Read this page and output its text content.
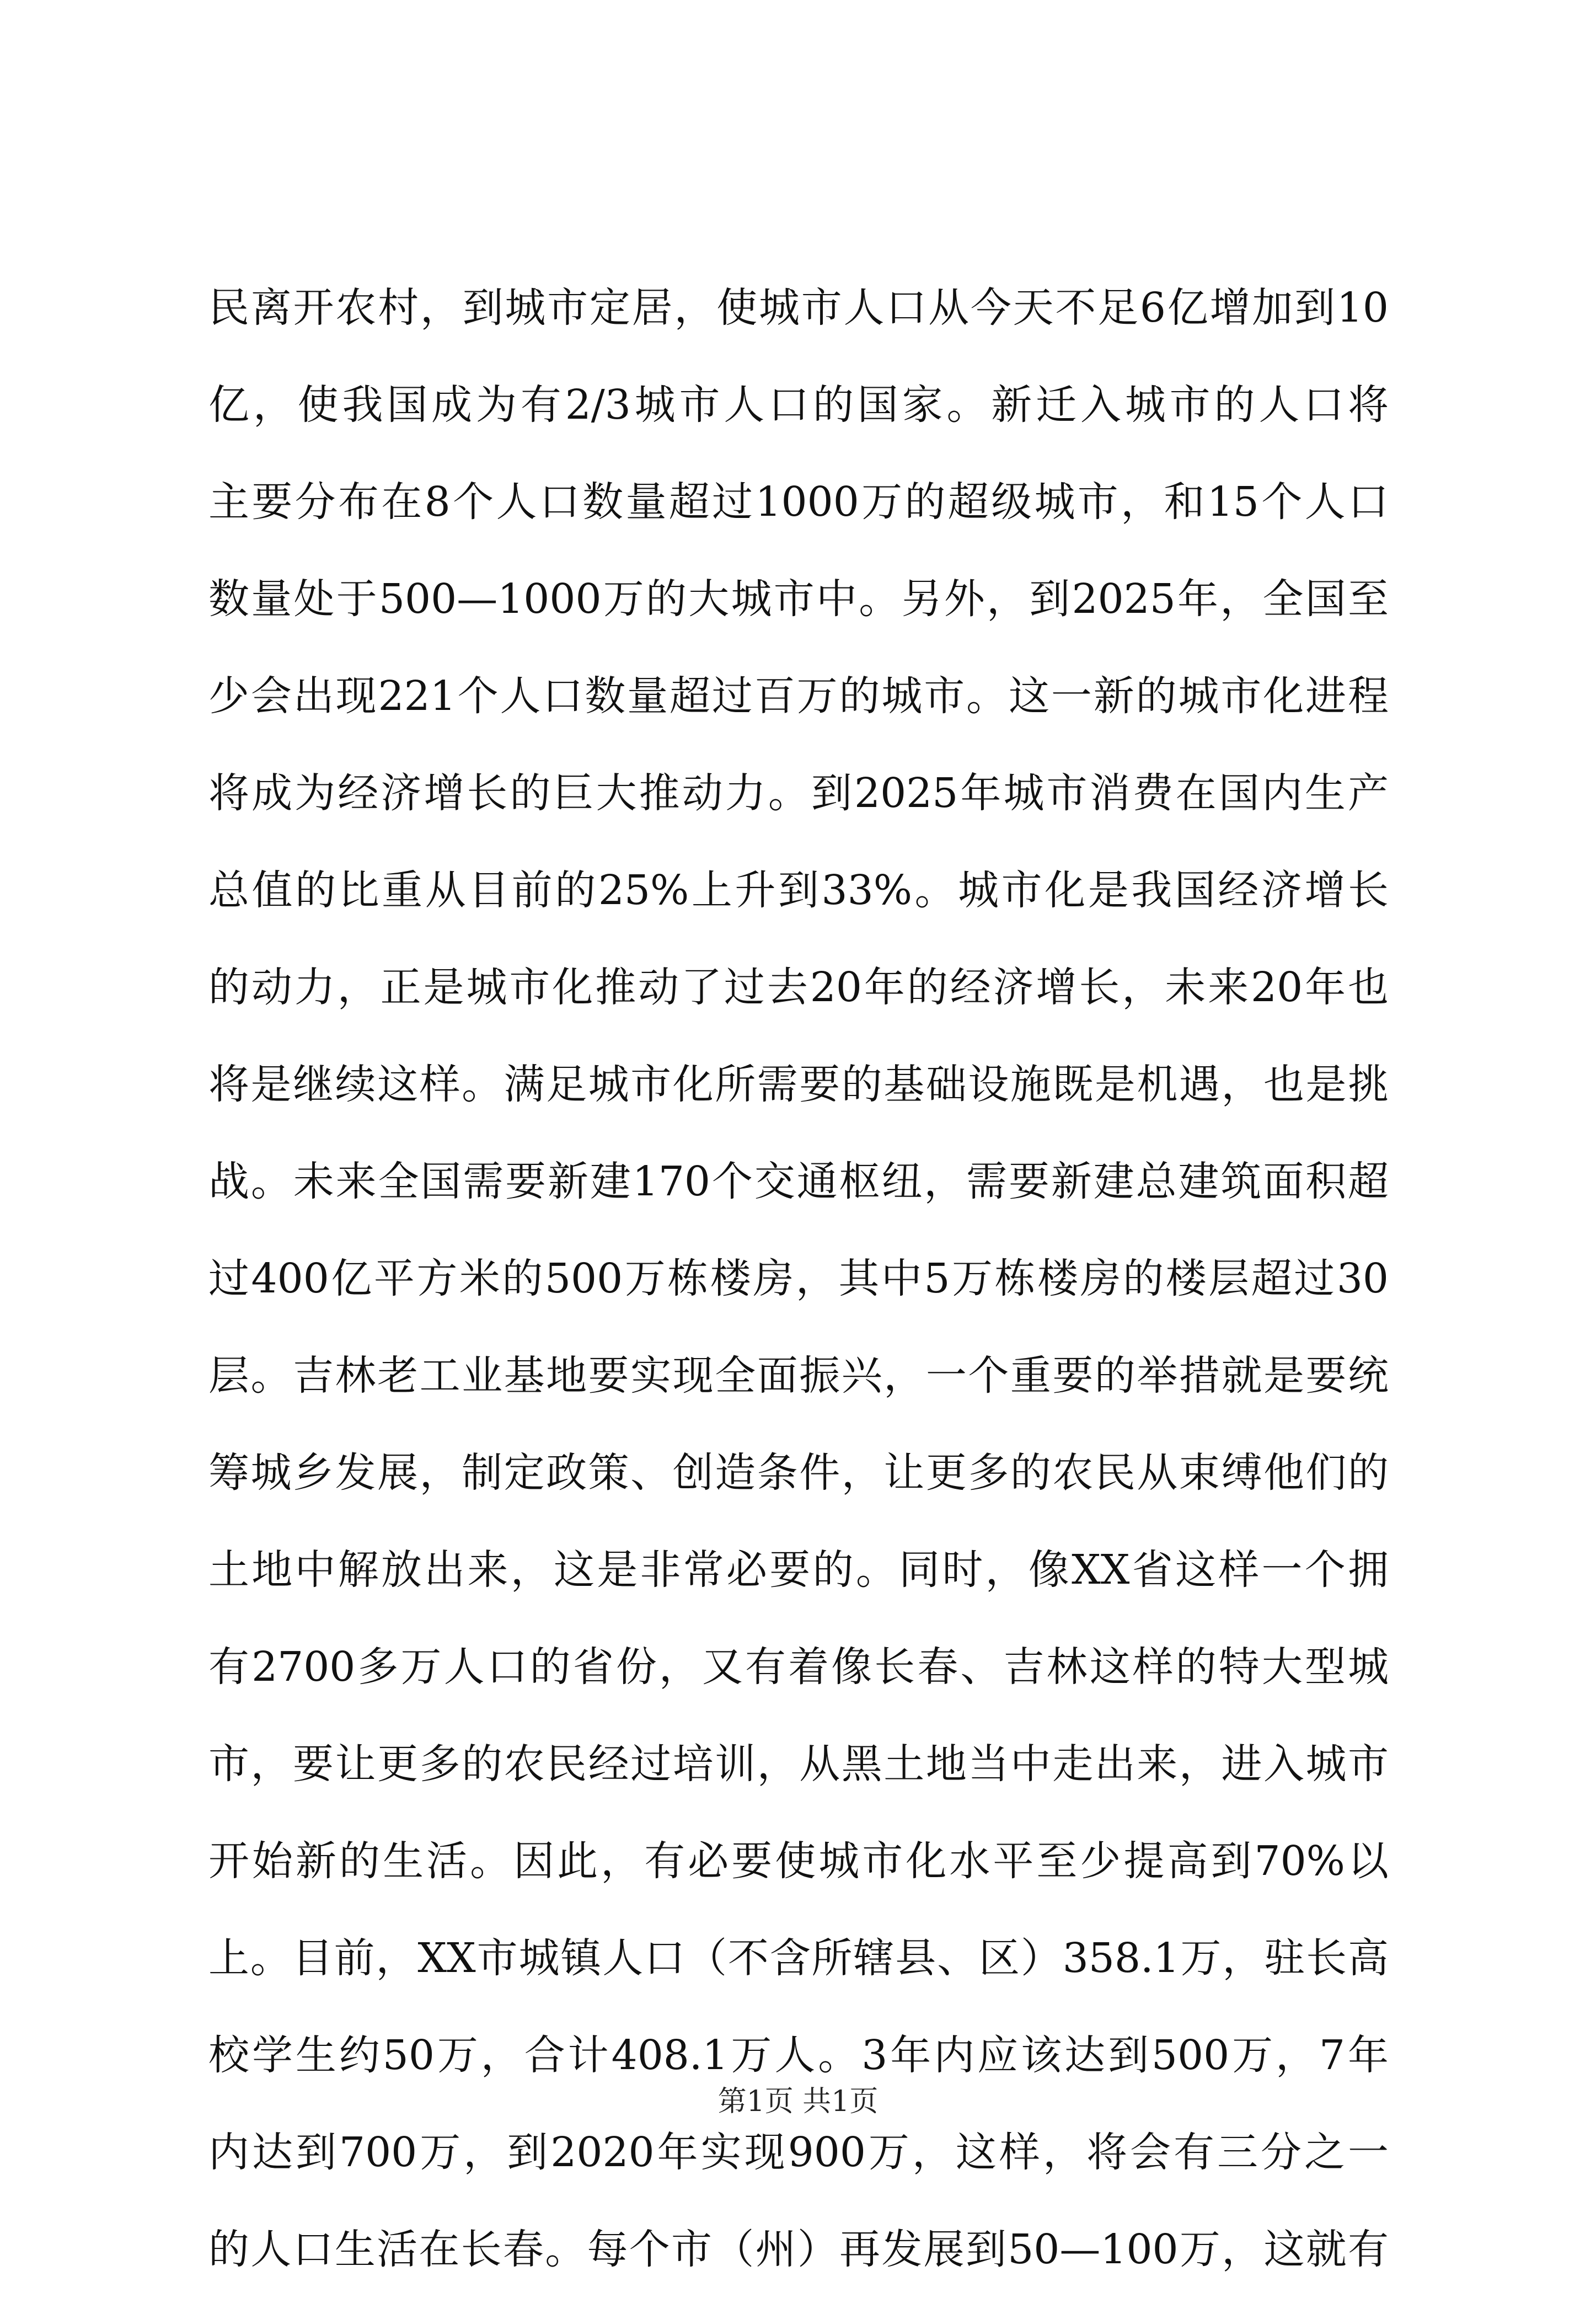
民离开农村，到城市定居，使城市人口从今天不足6亿增加到10
亿，使我国成为有2/3城市人口的国家。新迁入城市的人口将
主要分布在8个人口数量超过1000万的超级城市，和15个人口
数量处于500—1000万的大城市中。另外，到2025年，全国至
少会出现221个人口数量超过百万的城市。这一新的城市化进程
将成为经济增长的巨大推动力。到2025年城市消费在国内生产
总值的比重从目前的25%上升到33%。城市化是我国经济增长
的动力，正是城市化推动了过去20年的经济增长，未来20年也
将是继续这样。满足城市化所需要的基础设施既是机遇，也是挑
战。未来全国需要新建170个交通枢纽，需要新建总建筑面积超
过400亿平方米的500万栋楼房，其中5万栋楼房的楼层超过30
层。吉林老工业基地要实现全面振兴，一个重要的举措就是要统
筹城乡发展，制定政策、创造条件，让更多的农民从束缚他们的
土地中解放出来，这是非常必要的。同时，像XX省这样一个拥
有2700多万人口的省份，又有着像长春、吉林这样的特大型城
市，要让更多的农民经过培训，从黑土地当中走出来，进入城市
开始新的生活。因此，有必要使城市化水平至少提高到70%以
上。目前，XX市城镇人口（不含所辖县、区）358.1万，驻长高
校学生约50万，合计408.1万人。3年内应该达到500万，7年
内达到700万，到2020年实现900万，这样，将会有三分之一
的人口生活在长春。每个市（州）再发展到50—100万，这就有
第1页 共1页
